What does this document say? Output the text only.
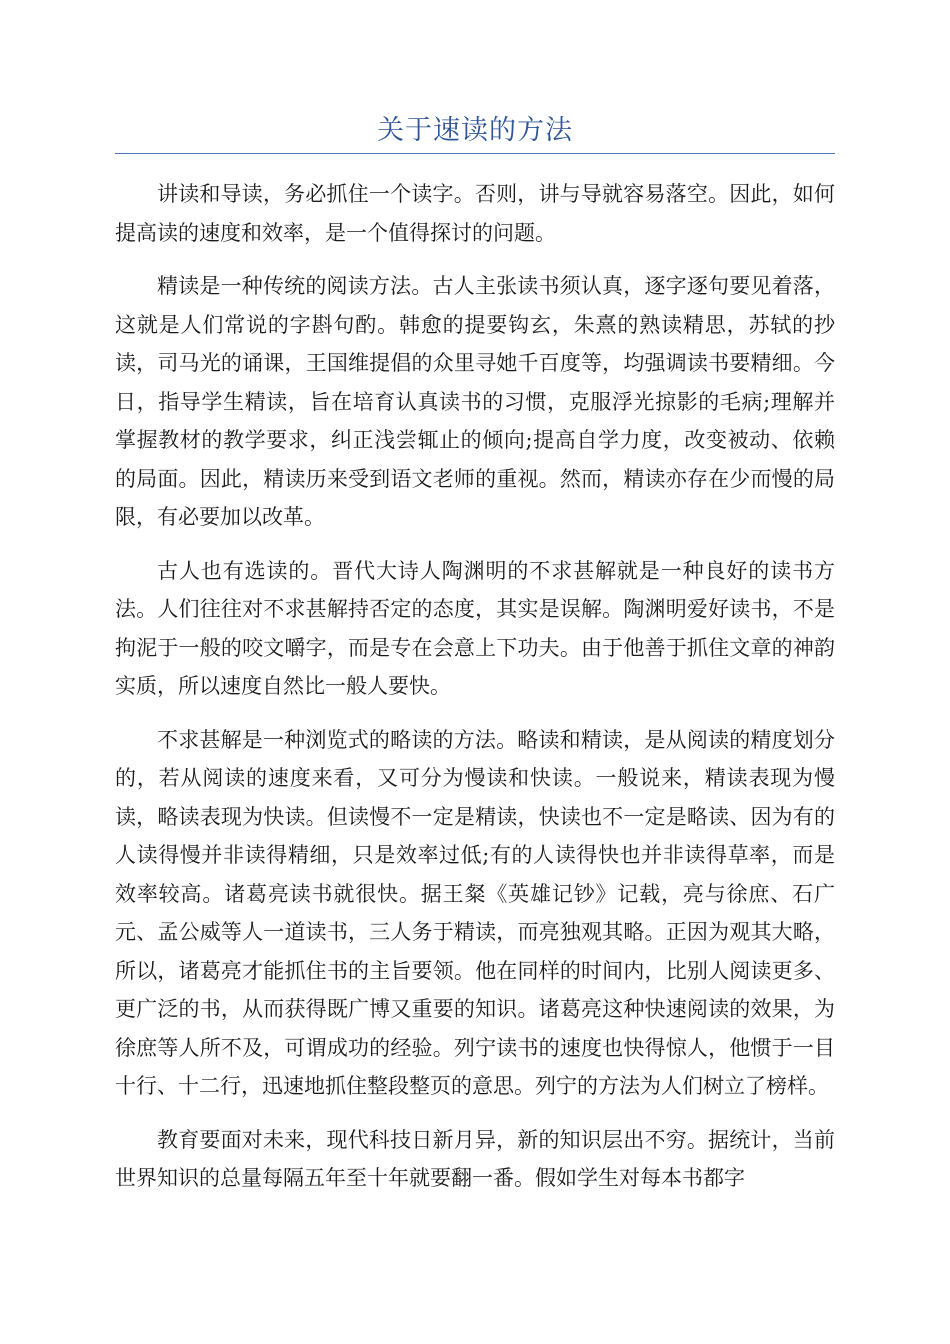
关于速读的方法

讲读和导读，务必抓住一个读字。否则，讲与导就容易落空。因此，如何提高读的速度和效率，是一个值得探讨的问题。

精读是一种传统的阅读方法。古人主张读书须认真，逐字逐句要见着落，这就是人们常说的字斟句酌。韩愈的提要钩玄，朱熹的熟读精思，苏轼的抄读，司马光的诵课，王国维提倡的众里寻她千百度等，均强调读书要精细。今日，指导学生精读，旨在培育认真读书的习惯，克服浮光掠影的毛病;理解并掌握教材的教学要求，纠正浅尝辄止的倾向;提高自学力度，改变被动、依赖的局面。因此，精读历来受到语文老师的重视。然而，精读亦存在少而慢的局限，有必要加以改革。

古人也有选读的。晋代大诗人陶渊明的不求甚解就是一种良好的读书方法。人们往往对不求甚解持否定的态度，其实是误解。陶渊明爱好读书，不是拘泥于一般的咬文嚼字，而是专在会意上下功夫。由于他善于抓住文章的神韵实质，所以速度自然比一般人要快。

不求甚解是一种浏览式的略读的方法。略读和精读，是从阅读的精度划分的，若从阅读的速度来看，又可分为慢读和快读。一般说来，精读表现为慢读，略读表现为快读。但读慢不一定是精读，快读也不一定是略读、因为有的人读得慢并非读得精细，只是效率过低;有的人读得快也并非读得草率，而是效率较高。诸葛亮读书就很快。据王粲《英雄记钞》记载，亮与徐庶、石广元、孟公威等人一道读书，三人务于精读，而亮独观其略。正因为观其大略，所以，诸葛亮才能抓住书的主旨要领。他在同样的时间内，比别人阅读更多、更广泛的书，从而获得既广博又重要的知识。诸葛亮这种快速阅读的效果，为徐庶等人所不及，可谓成功的经验。列宁读书的速度也快得惊人，他惯于一目十行、十二行，迅速地抓住整段整页的意思。列宁的方法为人们树立了榜样。

教育要面对未来，现代科技日新月异，新的知识层出不穷。据统计，当前世界知识的总量每隔五年至十年就要翻一番。假如学生对每本书都字
